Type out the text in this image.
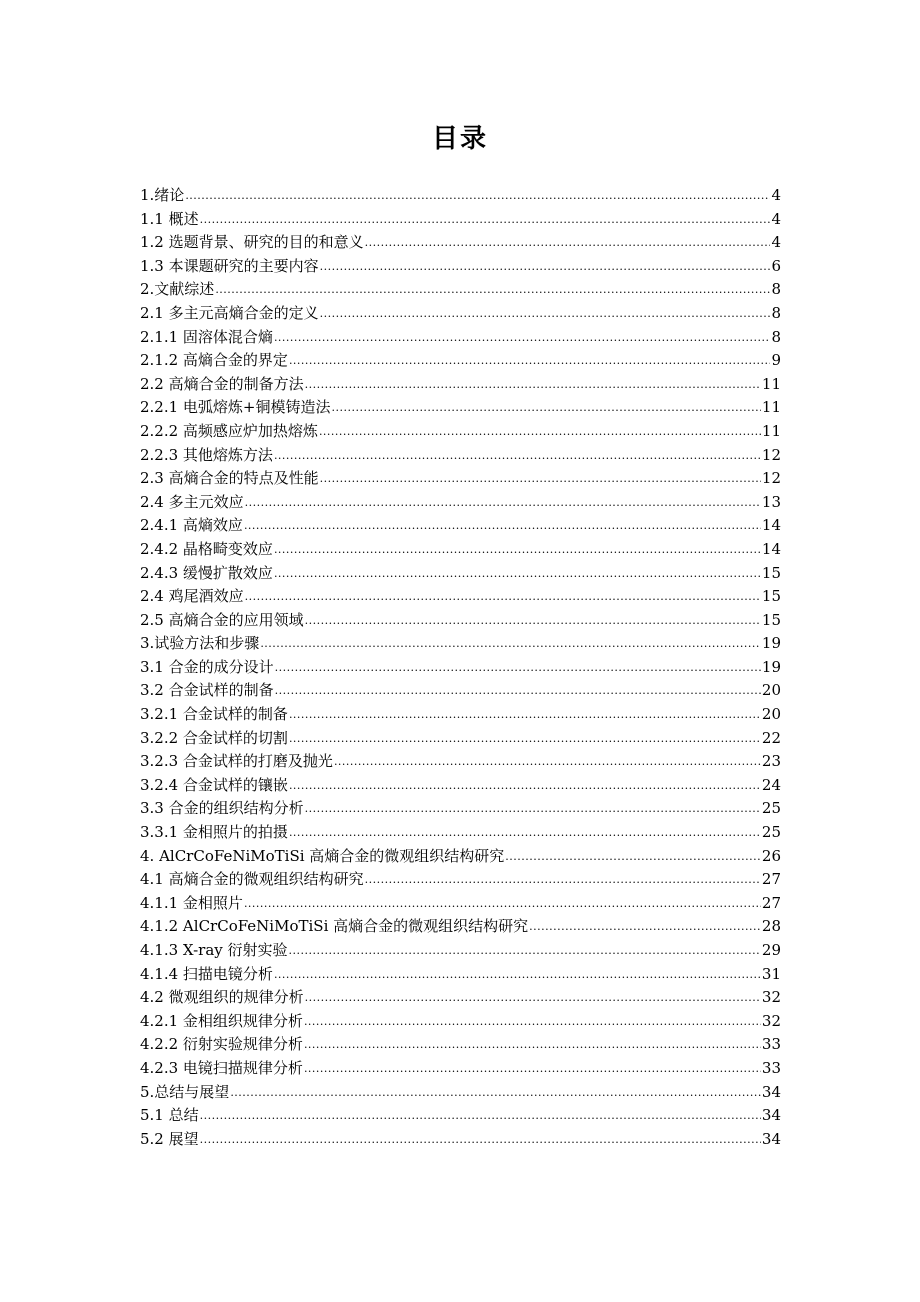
目录
1.绪论 .....	4
1.1 概述 .....	4
1.2 选题背景、研究的目的和意义 .....	4
1.3 本课题研究的主要内容 .....	6
2.文献综述 .....	8
2.1 多主元高熵合金的定义 .....	8
2.1.1 固溶体混合熵 .....	8
2.1.2 高熵合金的界定 .....	9
2.2 高熵合金的制备方法 .....	11
2.2.1 电弧熔炼+铜模铸造法 .....	11
2.2.2 高频感应炉加热熔炼 .....	11
2.2.3 其他熔炼方法 .....	12
2.3 高熵合金的特点及性能 .....	12
2.4 多主元效应 .....	13
2.4.1 高熵效应 .....	14
2.4.2 晶格畸变效应 .....	14
2.4.3 缓慢扩散效应 .....	15
2.4 鸡尾酒效应 .....	15
2.5 高熵合金的应用领域 .....	15
3.试验方法和步骤 .....	19
3.1 合金的成分设计 .....	19
3.2 合金试样的制备 .....	20
3.2.1 合金试样的制备 .....	20
3.2.2 合金试样的切割 .....	22
3.2.3 合金试样的打磨及抛光 .....	23
3.2.4 合金试样的镶嵌 .....	24
3.3 合金的组织结构分析 .....	25
3.3.1 金相照片的拍摄 .....	25
4. AlCrCoFeNiMoTiSi 高熵合金的微观组织结构研究 .....	26
4.1 高熵合金的微观组织结构研究 .....	27
4.1.1 金相照片 .....	27
4.1.2 AlCrCoFeNiMoTiSi 高熵合金的微观组织结构研究 .....	28
4.1.3 X-ray 衍射实验 .....	29
4.1.4 扫描电镜分析 .....	31
4.2 微观组织的规律分析 .....	32
4.2.1 金相组织规律分析 .....	32
4.2.2 衍射实验规律分析 .....	33
4.2.3 电镜扫描规律分析 .....	33
5.总结与展望 .....	34
5.1 总结 .....	34
5.2 展望 .....	34
